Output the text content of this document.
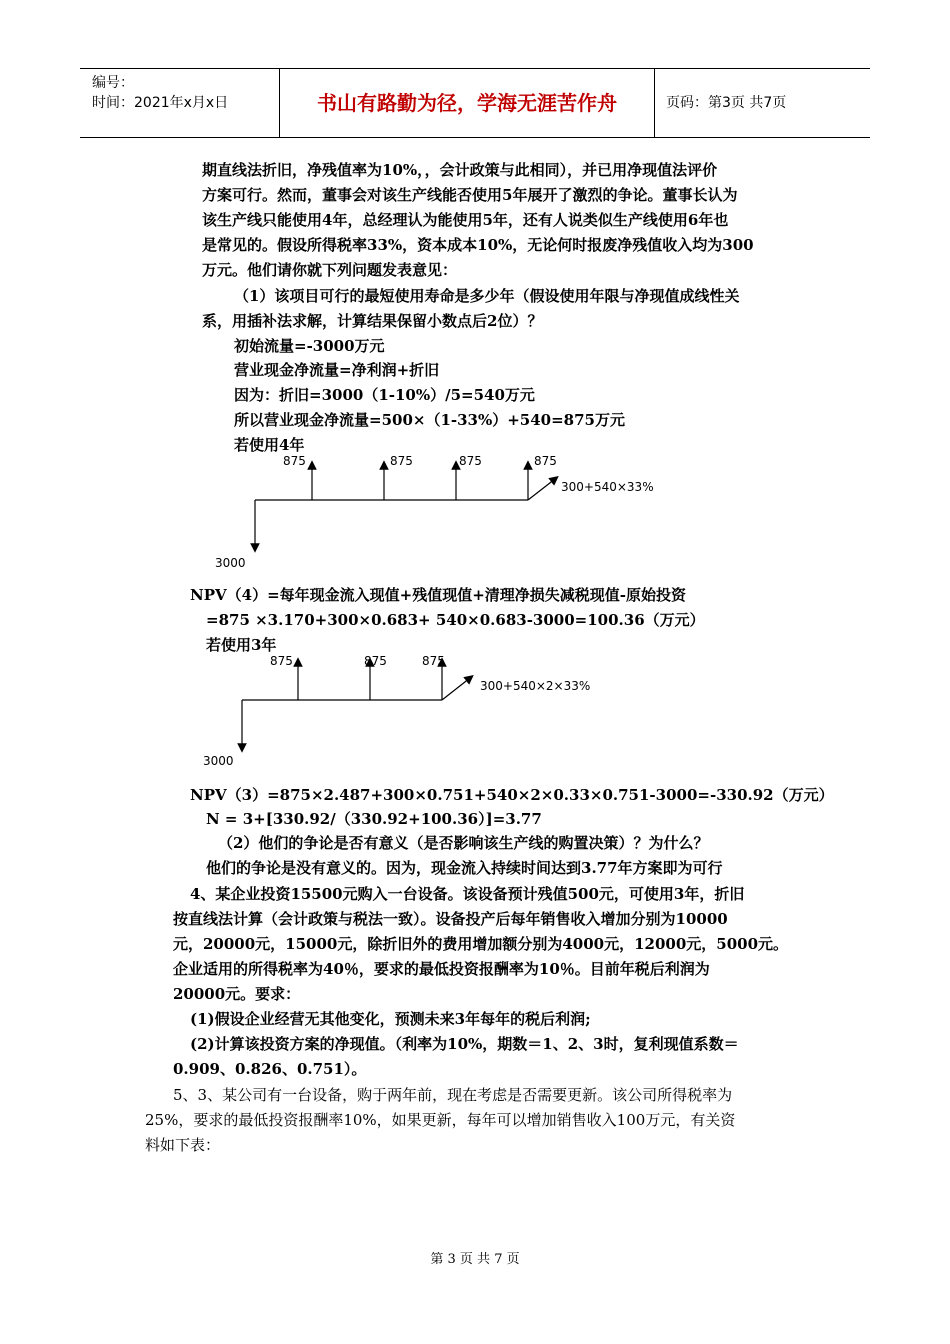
编号：
时间：2021年x月x日	书山有路勤为径，学海无涯苦作舟	页码：第3页 共7页
期直线法折旧，净残值率为10%，，会计政策与此相同），并已用净现值法评价
方案可行。然而，董事会对该生产线能否使用5年展开了激烈的争论。董事长认为
该生产线只能使用4年，总经理认为能使用5年，还有人说类似生产线使用6年也
是常见的。假设所得税率33%，资本成本10%，无论何时报废净残值收入均为300
万元。他们请你就下列问题发表意见：
（1）该项目可行的最短使用寿命是多少年（假设使用年限与净现值成线性关
系，用插补法求解，计算结果保留小数点后2位）？
初始流量=-3000万元
营业现金净流量=净利润+折旧
因为：折旧=3000（1-10%）/5=540万元
所以营业现金净流量=500×（1-33%）+540=875万元
若使用4年
875	875	875	875
300+540×33%
3000
875	875	875
300+540×2×33%
3000
NPV（4）=每年现金流入现值+残值现值+清理净损失减税现值-原始投资
=875 ×3.170+300×0.683+ 540×0.683-3000=100.36（万元）
若使用3年
NPV（3）=875×2.487+300×0.751+540×2×0.33×0.751-3000=-330.92（万元）
N = 3+[330.92/（330.92+100.36）]=3.77
（2）他们的争论是否有意义（是否影响该生产线的购置决策）？为什么？
他们的争论是没有意义的。因为，现金流入持续时间达到3.77年方案即为可行
4、某企业投资15500元购入一台设备。该设备预计残值500元，可使用3年，折旧
按直线法计算（会计政策与税法一致）。设备投产后每年销售收入增加分别为10000
元，20000元，15000元，除折旧外的费用增加额分别为4000元，12000元，5000元。
企业适用的所得税率为40％，要求的最低投资报酬率为10％。目前年税后利润为
20000元。要求：
(1)假设企业经营无其他变化，预测未来3年每年的税后利润;
(2)计算该投资方案的净现值。（利率为10%，期数＝1、2、3时，复利现值系数＝
0.909、0.826、0.751）。
5、3、某公司有一台设备，购于两年前，现在考虑是否需要更新。该公司所得税率为
25%，要求的最低投资报酬率10%，如果更新，每年可以增加销售收入100万元，有关资
料如下表：
第 3 页 共 7 页
